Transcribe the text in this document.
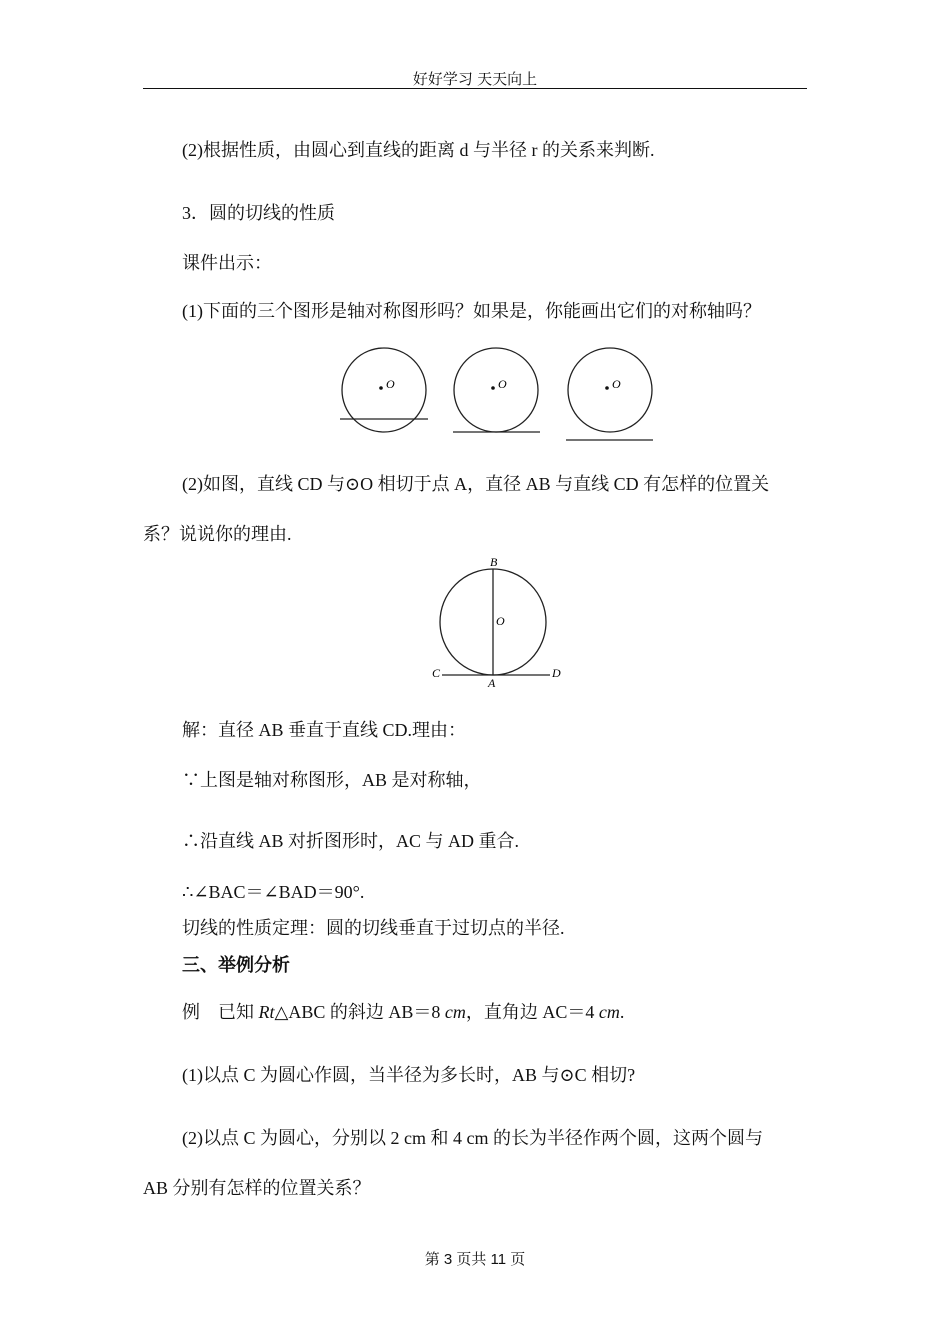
好好学习 天天向上
(2)根据性质，由圆心到直线的距离 d 与半径 r 的关系来判断.
3．圆的切线的性质
课件出示：
(1)下面的三个图形是轴对称图形吗？如果是，你能画出它们的对称轴吗？
O	O	O
(2)如图，直线 CD 与⊙O 相切于点 A，直径 AB 与直线 CD 有怎样的位置关
系？说说你的理由.
B
O
C
A
D
解：直径 AB 垂直于直线 CD.理由：
∵上图是轴对称图形，AB 是对称轴，
∴沿直线 AB 对折图形时，AC 与 AD 重合.
∴∠BAC＝∠BAD＝90°.
切线的性质定理：圆的切线垂直于过切点的半径.
三、举例分析
例　已知 Rt△ABC 的斜边 AB＝8 cm，直角边 AC＝4 cm.
(1)以点 C 为圆心作圆，当半径为多长时，AB 与⊙C 相切?
(2)以点 C 为圆心，分别以 2 cm 和 4 cm 的长为半径作两个圆，这两个圆与
AB 分别有怎样的位置关系？
第 3 页共 11 页
